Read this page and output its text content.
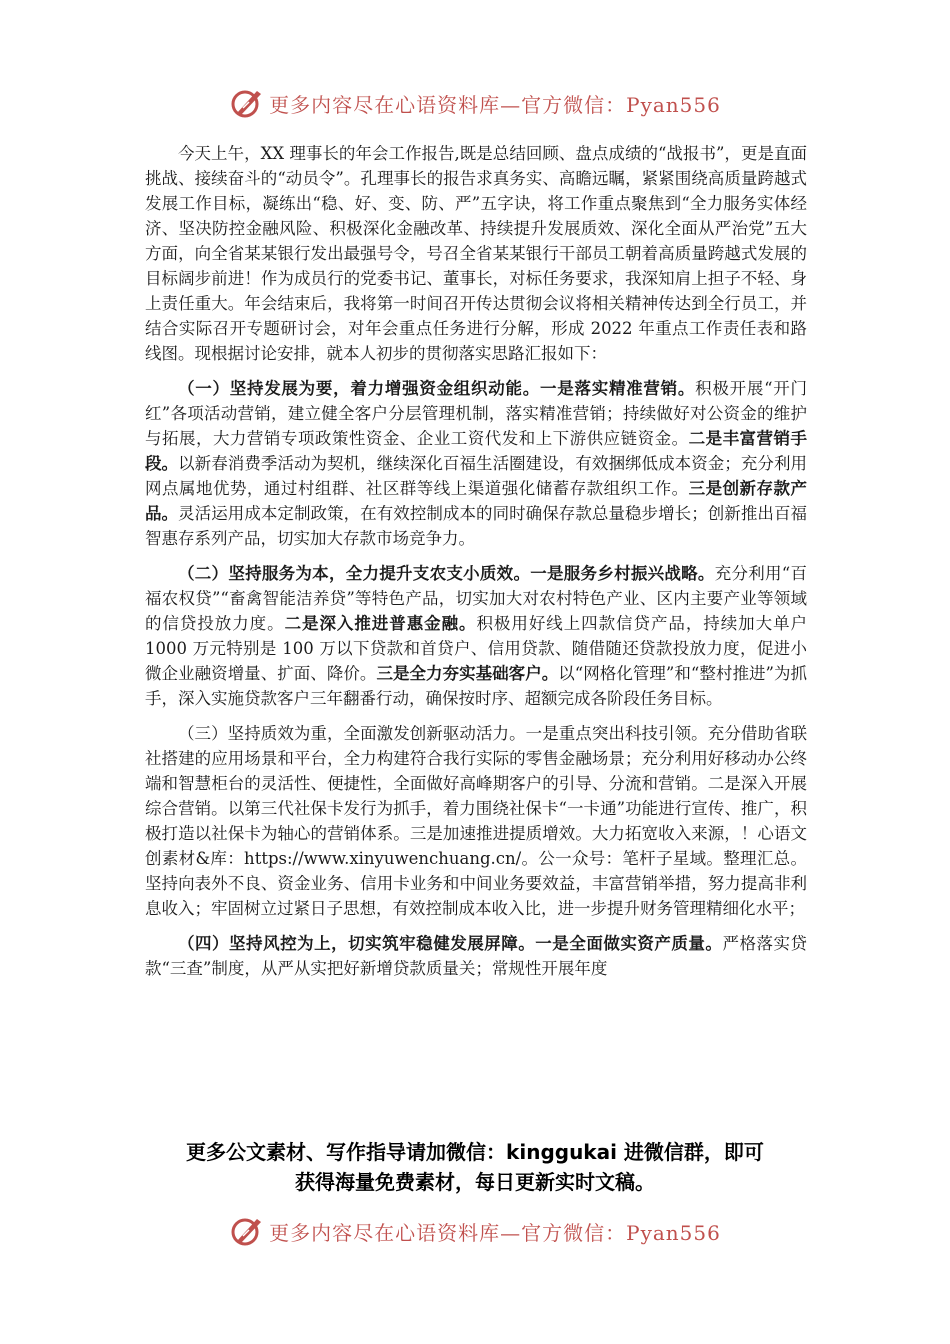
更多内容尽在心语资料库—官方微信：Pyan556

今天上午，XX 理事长的年会工作报告,既是总结回顾、盘点成绩的“战报书”，更是直面挑战、接续奋斗的“动员令”。孔理事长的报告求真务实、高瞻远瞩，紧紧围绕高质量跨越式发展工作目标，凝练出“稳、好、变、防、严”五字诀，将工作重点聚焦到“全力服务实体经济、坚决防控金融风险、积极深化金融改革、持续提升发展质效、深化全面从严治党”五大方面，向全省某某银行发出最强号令，号召全省某某银行干部员工朝着高质量跨越式发展的目标阔步前进！作为成员行的党委书记、董事长，对标任务要求，我深知肩上担子不轻、身上责任重大。年会结束后，我将第一时间召开传达贯彻会议将相关精神传达到全行员工，并结合实际召开专题研讨会，对年会重点任务进行分解，形成 2022 年重点工作责任表和路线图。现根据讨论安排，就本人初步的贯彻落实思路汇报如下：

（一）坚持发展为要，着力增强资金组织动能。一是落实精准营销。积极开展“开门红”各项活动营销，建立健全客户分层管理机制，落实精准营销；持续做好对公资金的维护与拓展，大力营销专项政策性资金、企业工资代发和上下游供应链资金。二是丰富营销手段。以新春消费季活动为契机，继续深化百福生活圈建设，有效捆绑低成本资金；充分利用网点属地优势，通过村组群、社区群等线上渠道强化储蓄存款组织工作。三是创新存款产品。灵活运用成本定制政策，在有效控制成本的同时确保存款总量稳步增长；创新推出百福智惠存系列产品，切实加大存款市场竞争力。

（二）坚持服务为本，全力提升支农支小质效。一是服务乡村振兴战略。充分利用“百福农权贷”“畜禽智能洁养贷”等特色产品，切实加大对农村特色产业、区内主要产业等领域的信贷投放力度。二是深入推进普惠金融。积极用好线上四款信贷产品，持续加大单户 1000 万元特别是 100 万以下贷款和首贷户、信用贷款、随借随还贷款投放力度，促进小微企业融资增量、扩面、降价。三是全力夯实基础客户。以“网格化管理”和“整村推进”为抓手，深入实施贷款客户三年翻番行动，确保按时序、超额完成各阶段任务目标。

（三）坚持质效为重，全面激发创新驱动活力。一是重点突出科技引领。充分借助省联社搭建的应用场景和平台，全力构建符合我行实际的零售金融场景；充分利用好移动办公终端和智慧柜台的灵活性、便捷性，全面做好高峰期客户的引导、分流和营销。二是深入开展综合营销。以第三代社保卡发行为抓手，着力围绕社保卡“一卡通”功能进行宣传、推广，积极打造以社保卡为轴心的营销体系。三是加速推进提质增效。大力拓宽收入来源，！心语文创素材&库：https://www.xinyuwenchuang.cn/。公一众号：笔杆子星域。整理汇总。坚持向表外不良、资金业务、信用卡业务和中间业务要效益，丰富营销举措，努力提高非利息收入；牢固树立过紧日子思想，有效控制成本收入比，进一步提升财务管理精细化水平；

（四）坚持风控为上，切实筑牢稳健发展屏障。一是全面做实资产质量。严格落实贷款“三查”制度，从严从实把好新增贷款质量关；常规性开展年度

更多公文素材、写作指导请加微信：kinggukai 进微信群，即可
获得海量免费素材，每日更新实时文稿。
更多内容尽在心语资料库—官方微信：Pyan556
